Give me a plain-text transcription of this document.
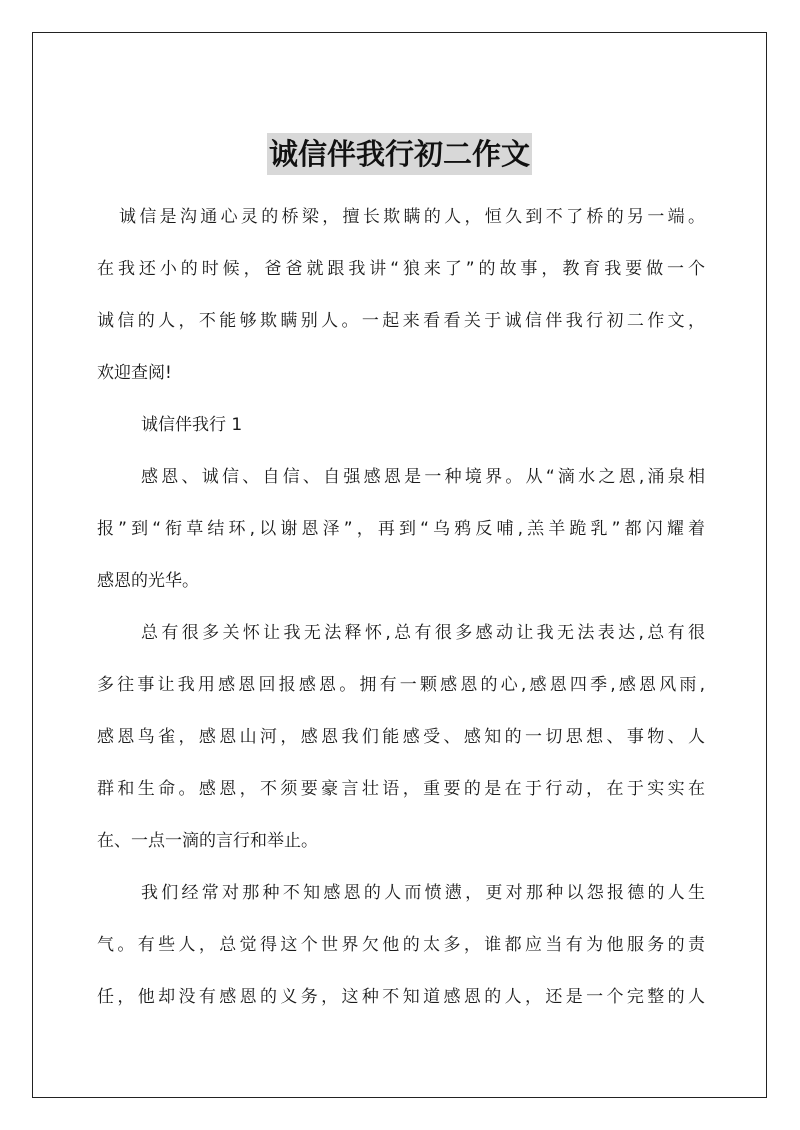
诚信伴我行初二作文
诚信是沟通心灵的桥梁，擅长欺瞒的人，恒久到不了桥的另一端。
在我还小的时候，爸爸就跟我讲“狼来了”的故事，教育我要做一个
诚信的人，不能够欺瞒别人。一起来看看关于诚信伴我行初二作文，
欢迎查阅!
诚信伴我行 1
感恩、诚信、自信、自强感恩是一种境界。从“滴水之恩,涌泉相
报”到“衔草结环,以谢恩泽”，再到“乌鸦反哺,羔羊跪乳”都闪耀着
感恩的光华。
总有很多关怀让我无法释怀,总有很多感动让我无法表达,总有很
多往事让我用感恩回报感恩。拥有一颗感恩的心,感恩四季,感恩风雨,
感恩鸟雀，感恩山河，感恩我们能感受、感知的一切思想、事物、人
群和生命。感恩，不须要豪言壮语，重要的是在于行动，在于实实在
在、一点一滴的言行和举止。
我们经常对那种不知感恩的人而愤懑，更对那种以怨报德的人生
气。有些人，总觉得这个世界欠他的太多，谁都应当有为他服务的责
任，他却没有感恩的义务，这种不知道感恩的人，还是一个完整的人
